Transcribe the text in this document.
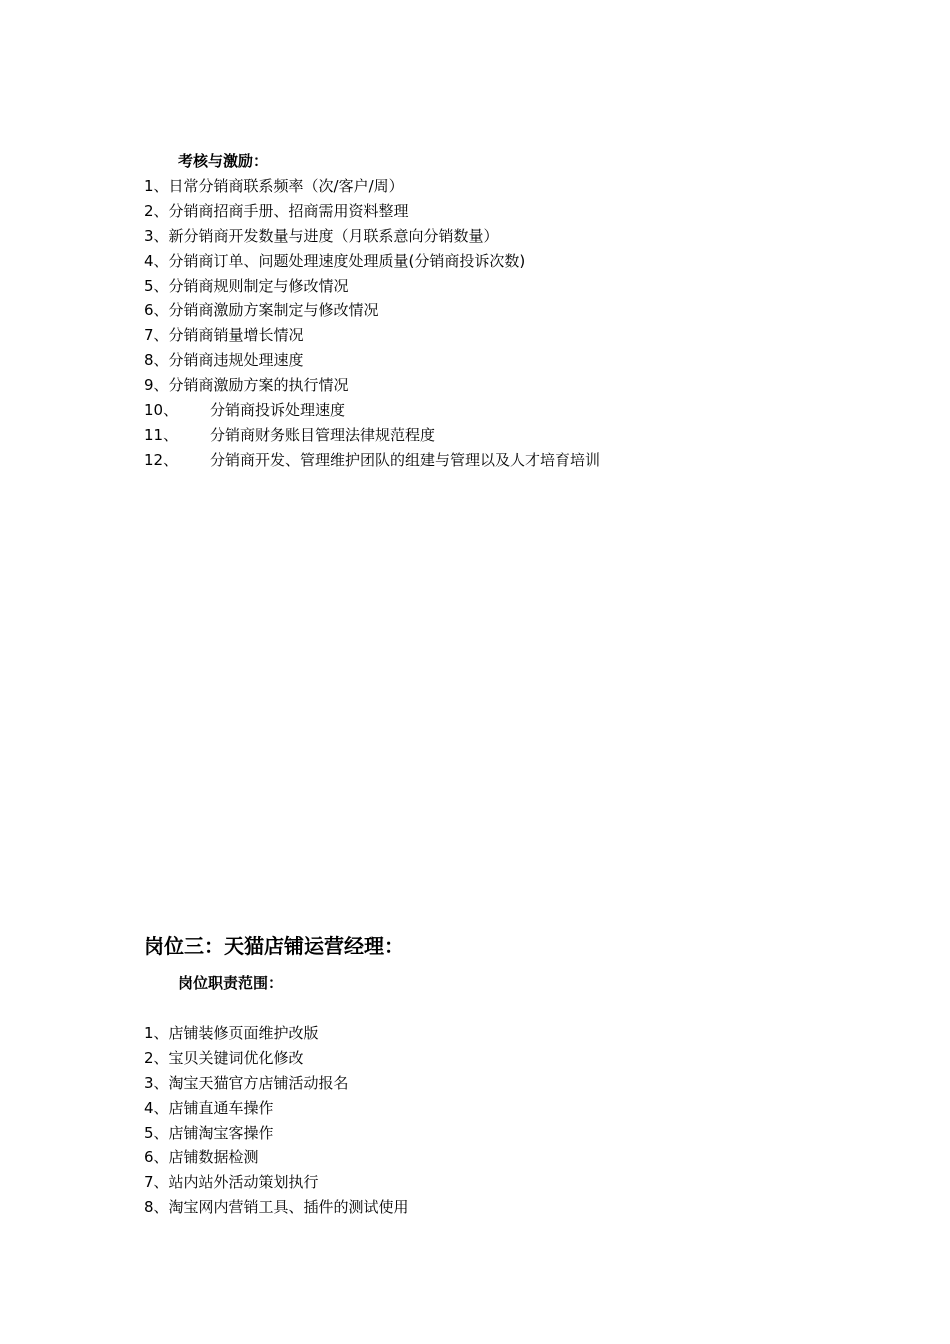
考核与激励：
1、 日常分销商联系频率（次/客户/周）
2、 分销商招商手册、招商需用资料整理
3、 新分销商开发数量与进度（月联系意向分销数量）
4、 分销商订单、问题处理速度处理质量(分销商投诉次数)
5、 分销商规则制定与修改情况
6、 分销商激励方案制定与修改情况
7、 分销商销量增长情况
8、 分销商违规处理速度
9、 分销商激励方案的执行情况
10、	分销商投诉处理速度
11、	分销商财务账目管理法律规范程度
12、	分销商开发、管理维护团队的组建与管理以及人才培育培训
岗位三：天猫店铺运营经理：
岗位职责范围：
1、 店铺装修页面维护改版
2、 宝贝关键词优化修改
3、 淘宝天猫官方店铺活动报名
4、 店铺直通车操作
5、 店铺淘宝客操作
6、 店铺数据检测
7、 站内站外活动策划执行
8、 淘宝网内营销工具、插件的测试使用
